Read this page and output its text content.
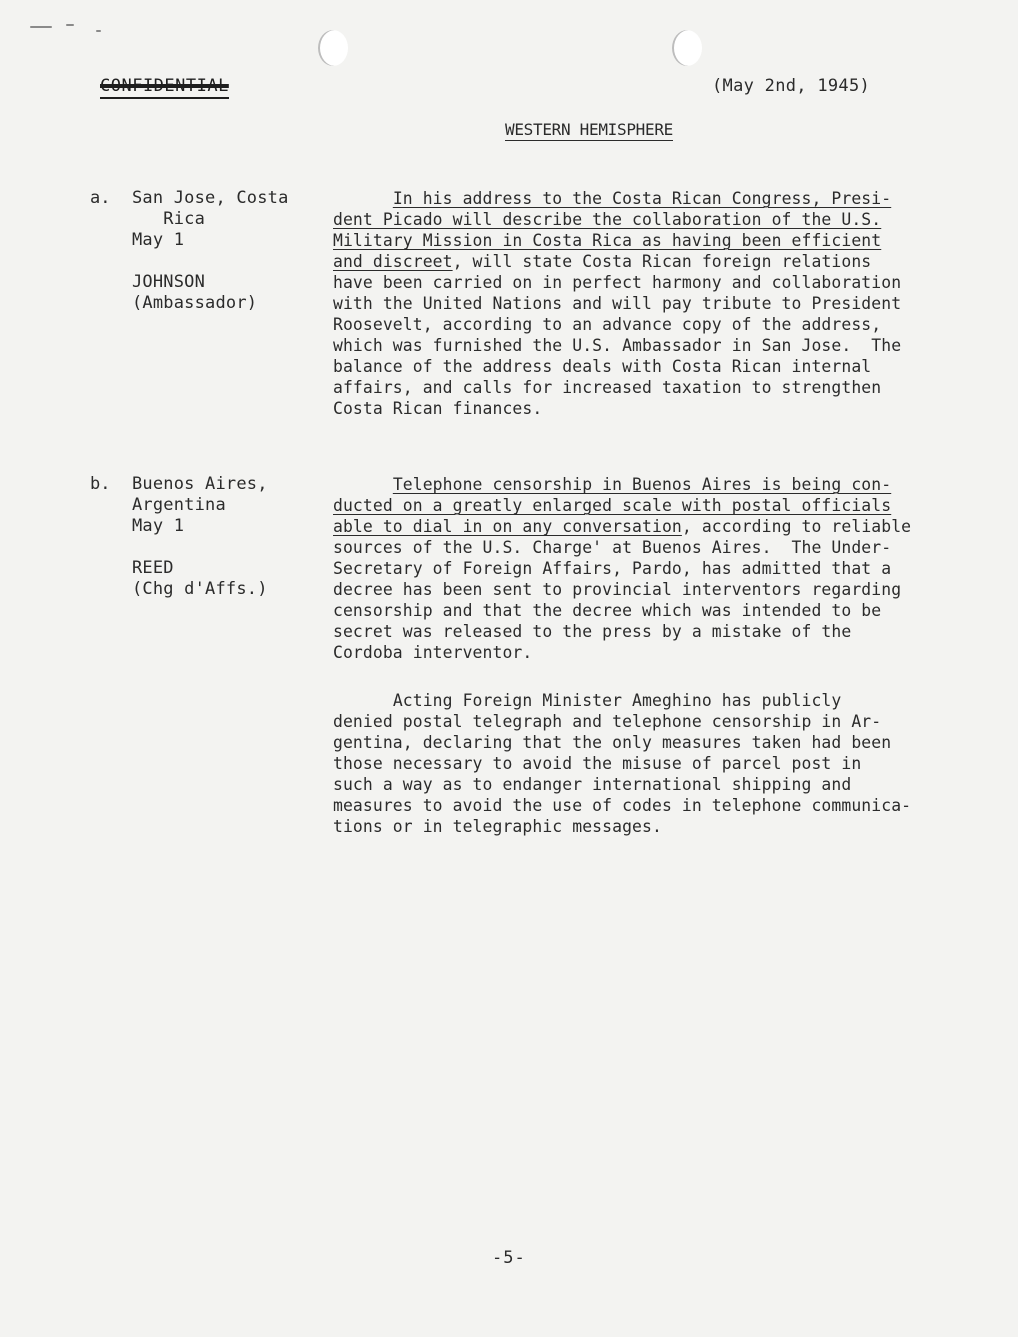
CONFIDENTIAL	(May 2nd, 1945)
WESTERN HEMISPHERE
a. San Jose, Costa
Rica
May 1
JOHNSON
(Ambassador)
In his address to the Costa Rican Congress, Presi-
dent Picado will describe the collaboration of the U.S.
Military Mission in Costa Rica as having been efficient
and discreet, will state Costa Rican foreign relations
have been carried on in perfect harmony and collaboration
with the United Nations and will pay tribute to President
Roosevelt, according to an advance copy of the address,
which was furnished the U.S. Ambassador in San Jose.  The
balance of the address deals with Costa Rican internal
affairs, and calls for increased taxation to strengthen
Costa Rican finances.
b. Buenos Aires,
Argentina
May 1
REED
(Chg d'Affs.)
Telephone censorship in Buenos Aires is being con-
ducted on a greatly enlarged scale with postal officials
able to dial in on any conversation, according to reliable
sources of the U.S. Charge' at Buenos Aires.  The Under-
Secretary of Foreign Affairs, Pardo, has admitted that a
decree has been sent to provincial interventors regarding
censorship and that the decree which was intended to be
secret was released to the press by a mistake of the
Cordoba interventor.
Acting Foreign Minister Ameghino has publicly
denied postal telegraph and telephone censorship in Ar-
gentina, declaring that the only measures taken had been
those necessary to avoid the misuse of parcel post in
such a way as to endanger international shipping and
measures to avoid the use of codes in telephone communica-
tions or in telegraphic messages.
-5-
